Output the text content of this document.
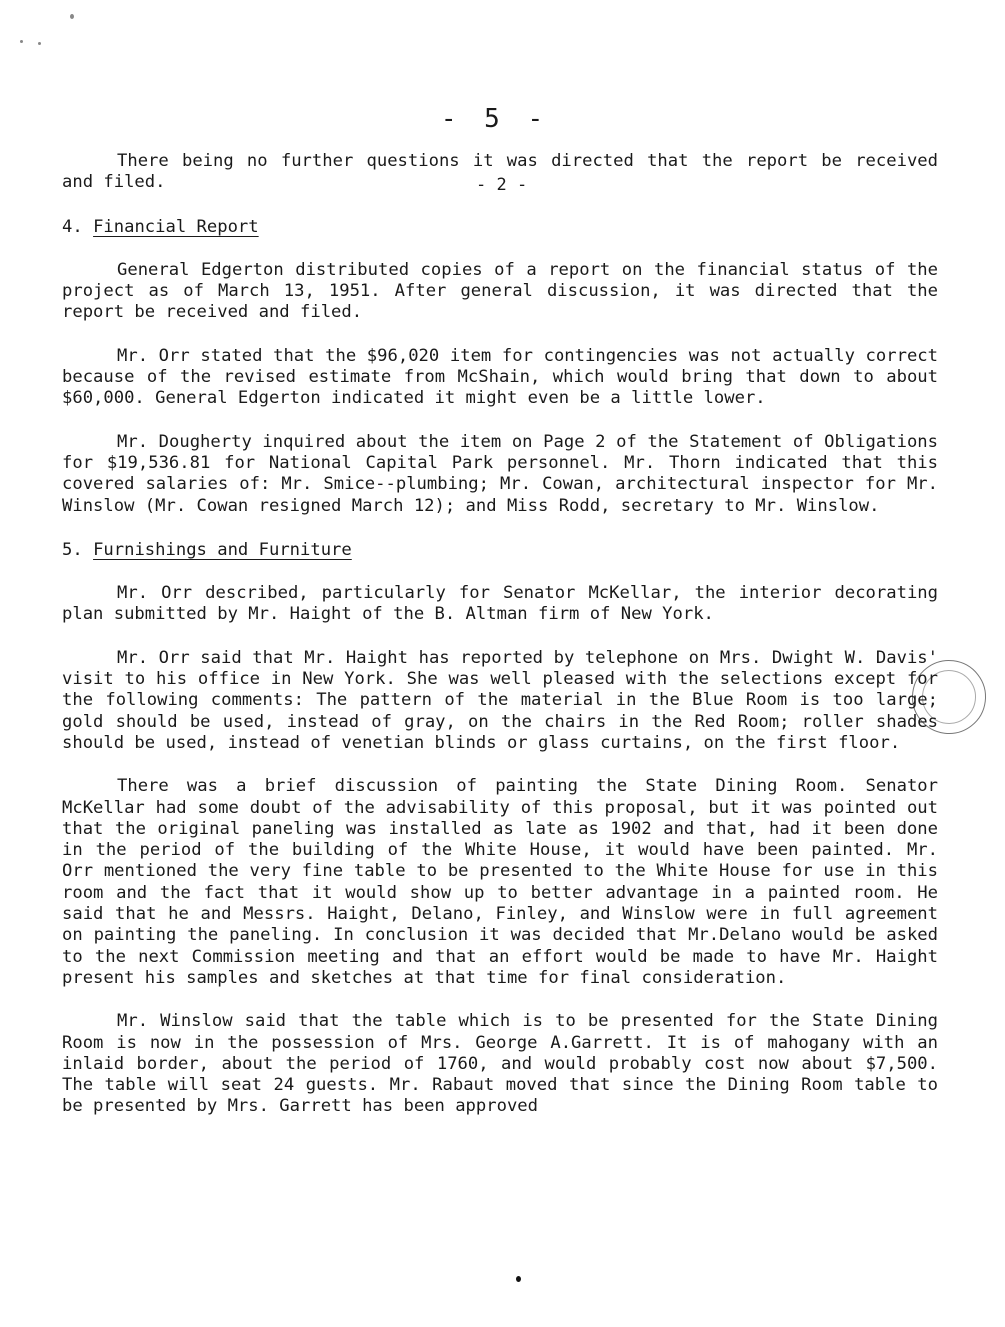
- 5 -

There being no further questions it was directed that the report be received and filed.	- 2 -
4. Financial Report

General Edgerton distributed copies of a report on the financial status of the project as of March 13, 1951. After general discussion, it was directed that the report be received and filed.

Mr. Orr stated that the $96,020 item for contingencies was not actually correct because of the revised estimate from McShain, which would bring that down to about $60,000. General Edgerton indicated it might even be a little lower.

Mr. Dougherty inquired about the item on Page 2 of the Statement of Obligations for $19,536.81 for National Capital Park personnel. Mr. Thorn indicated that this covered salaries of: Mr. Smice--plumbing; Mr. Cowan, architectural inspector for Mr. Winslow (Mr. Cowan resigned March 12); and Miss Rodd, secretary to Mr. Winslow.

5. Furnishings and Furniture

Mr. Orr described, particularly for Senator McKellar, the interior decorating plan submitted by Mr. Haight of the B. Altman firm of New York.

Mr. Orr said that Mr. Haight has reported by telephone on Mrs. Dwight W. Davis' visit to his office in New York. She was well pleased with the selections except for the following comments: The pattern of the material in the Blue Room is too large; gold should be used, instead of gray, on the chairs in the Red Room; roller shades should be used, instead of venetian blinds or glass curtains, on the first floor.

There was a brief discussion of painting the State Dining Room. Senator McKellar had some doubt of the advisability of this proposal, but it was pointed out that the original paneling was installed as late as 1902 and that, had it been done in the period of the building of the White House, it would have been painted. Mr. Orr mentioned the very fine table to be presented to the White House for use in this room and the fact that it would show up to better advantage in a painted room. He said that he and Messrs. Haight, Delano, Finley, and Winslow were in full agreement on painting the paneling. In conclusion it was decided that Mr.Delano would be asked to the next Commission meeting and that an effort would be made to have Mr. Haight present his samples and sketches at that time for final consideration.

Mr. Winslow said that the table which is to be presented for the State Dining Room is now in the possession of Mrs. George A.Garrett. It is of mahogany with an inlaid border, about the period of 1760, and would probably cost now about $7,500. The table will seat 24 guests. Mr. Rabaut moved that since the Dining Room table to be presented by Mrs. Garrett has been approved
